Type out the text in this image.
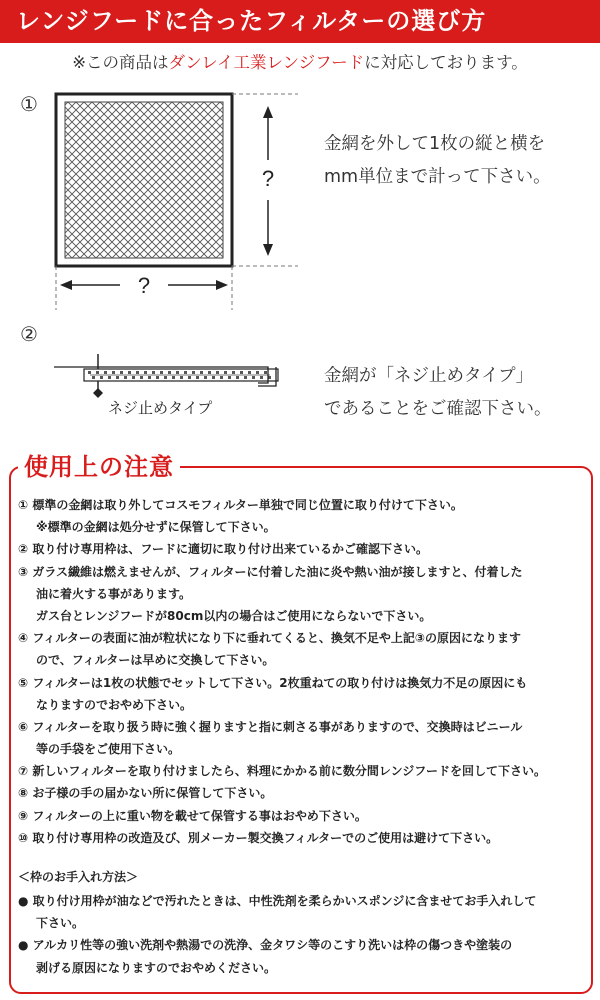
レンジフードに合ったフィルターの選び方
※この商品はダンレイ工業レンジフードに対応しております。
①
?
?
金網を外して1枚の縦と横を
mm単位まで計って下さい。
②
ネジ止めタイプ
金網が「ネジ止めタイプ」
であることをご確認下さい。
使用上の注意
① 標準の金網は取り外してコスモフィルター単独で同じ位置に取り付けて下さい。
※標準の金網は処分せずに保管して下さい。
② 取り付け専用枠は、フードに適切に取り付け出来ているかご確認下さい。
③ ガラス繊維は燃えませんが、フィルターに付着した油に炎や熱い油が接しますと、付着した
油に着火する事があります。
ガス台とレンジフードが80cm以内の場合はご使用にならないで下さい。
④ フィルターの表面に油が粒状になり下に垂れてくると、換気不足や上記③の原因になります
ので、フィルターは早めに交換して下さい。
⑤ フィルターは1枚の状態でセットして下さい。2枚重ねての取り付けは換気力不足の原因にも
なりますのでおやめ下さい。
⑥ フィルターを取り扱う時に強く握りますと指に刺さる事がありますので、交換時はビニール
等の手袋をご使用下さい。
⑦ 新しいフィルターを取り付けましたら、料理にかかる前に数分間レンジフードを回して下さい。
⑧ お子様の手の届かない所に保管して下さい。
⑨ フィルターの上に重い物を載せて保管する事はおやめ下さい。
⑩ 取り付け専用枠の改造及び、別メーカー製交換フィルターでのご使用は避けて下さい。
＜枠のお手入れ方法＞
● 取り付け用枠が油などで汚れたときは、中性洗剤を柔らかいスポンジに含ませてお手入れして
下さい。
● アルカリ性等の強い洗剤や熱湯での洗浄、金タワシ等のこすり洗いは枠の傷つきや塗装の
剥げる原因になりますのでおやめください。
